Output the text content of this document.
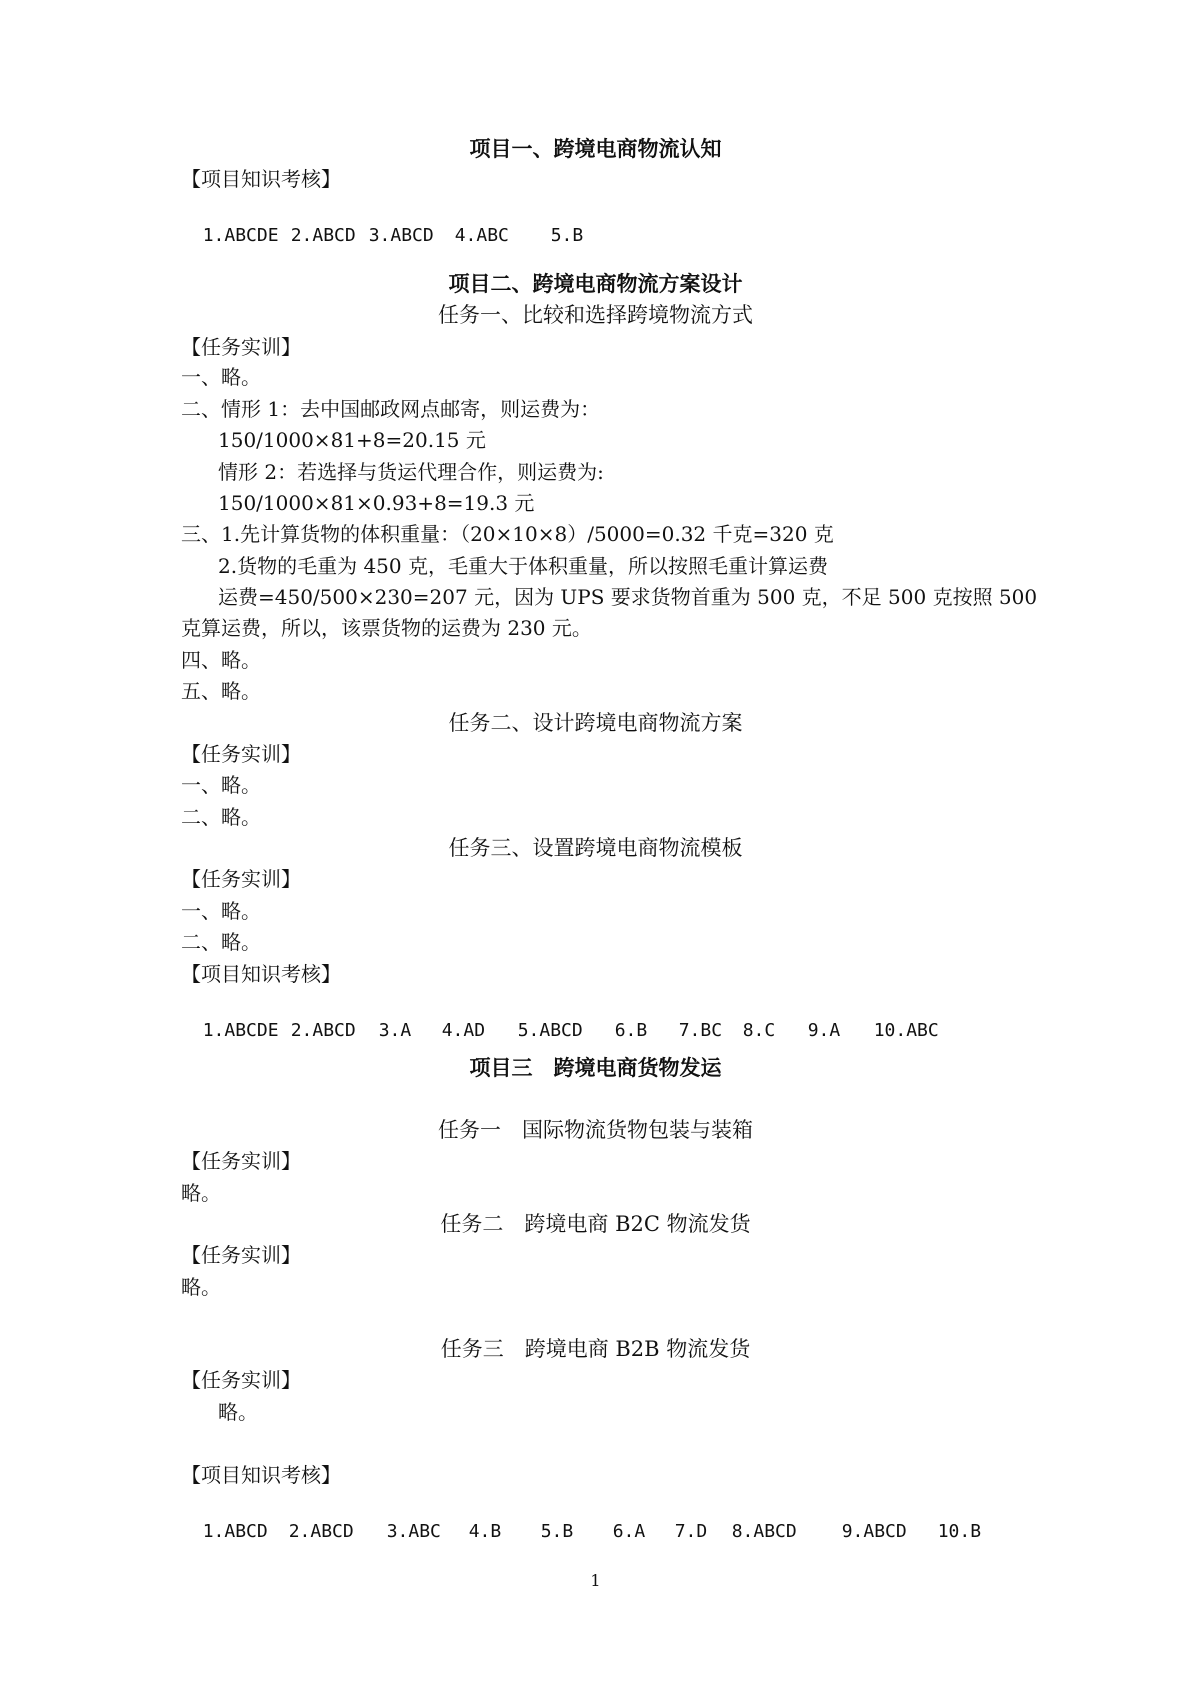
项目一、跨境电商物流认知
【项目知识考核】

1.ABCDE 2.ABCD 3.ABCD 4.ABC 5.B

项目二、跨境电商物流方案设计
任务一、比较和选择跨境物流方式
【任务实训】
一、略。
二、情形 1：去中国邮政网点邮寄，则运费为：
150/1000×81+8=20.15 元
情形 2：若选择与货运代理合作，则运费为:
150/1000×81×0.93+8=19.3 元
三、1.先计算货物的体积重量：（20×10×8）/5000=0.32 千克=320 克
2.货物的毛重为 450 克，毛重大于体积重量，所以按照毛重计算运费
运费=450/500×230=207 元，因为 UPS 要求货物首重为 500 克，不足 500 克按照 500
克算运费，所以，该票货物的运费为 230 元。
四、略。
五、略。
任务二、设计跨境电商物流方案
【任务实训】
一、略。
二、略。
任务三、设置跨境电商物流模板
【任务实训】
一、略。
二、略。
【项目知识考核】

1.ABCDE 2.ABCD 3.A 4.AD 5.ABCD 6.B 7.BC 8.C 9.A 10.ABC

项目三　跨境电商货物发运
任务一　国际物流货物包装与装箱
【任务实训】
略。
任务二　跨境电商 B2C 物流发货
【任务实训】
略。
任务三　跨境电商 B2B 物流发货
【任务实训】
略。
【项目知识考核】

1.ABCD 2.ABCD 3.ABC 4.B 5.B 6.A 7.D 8.ABCD 9.ABCD 10.B

1
